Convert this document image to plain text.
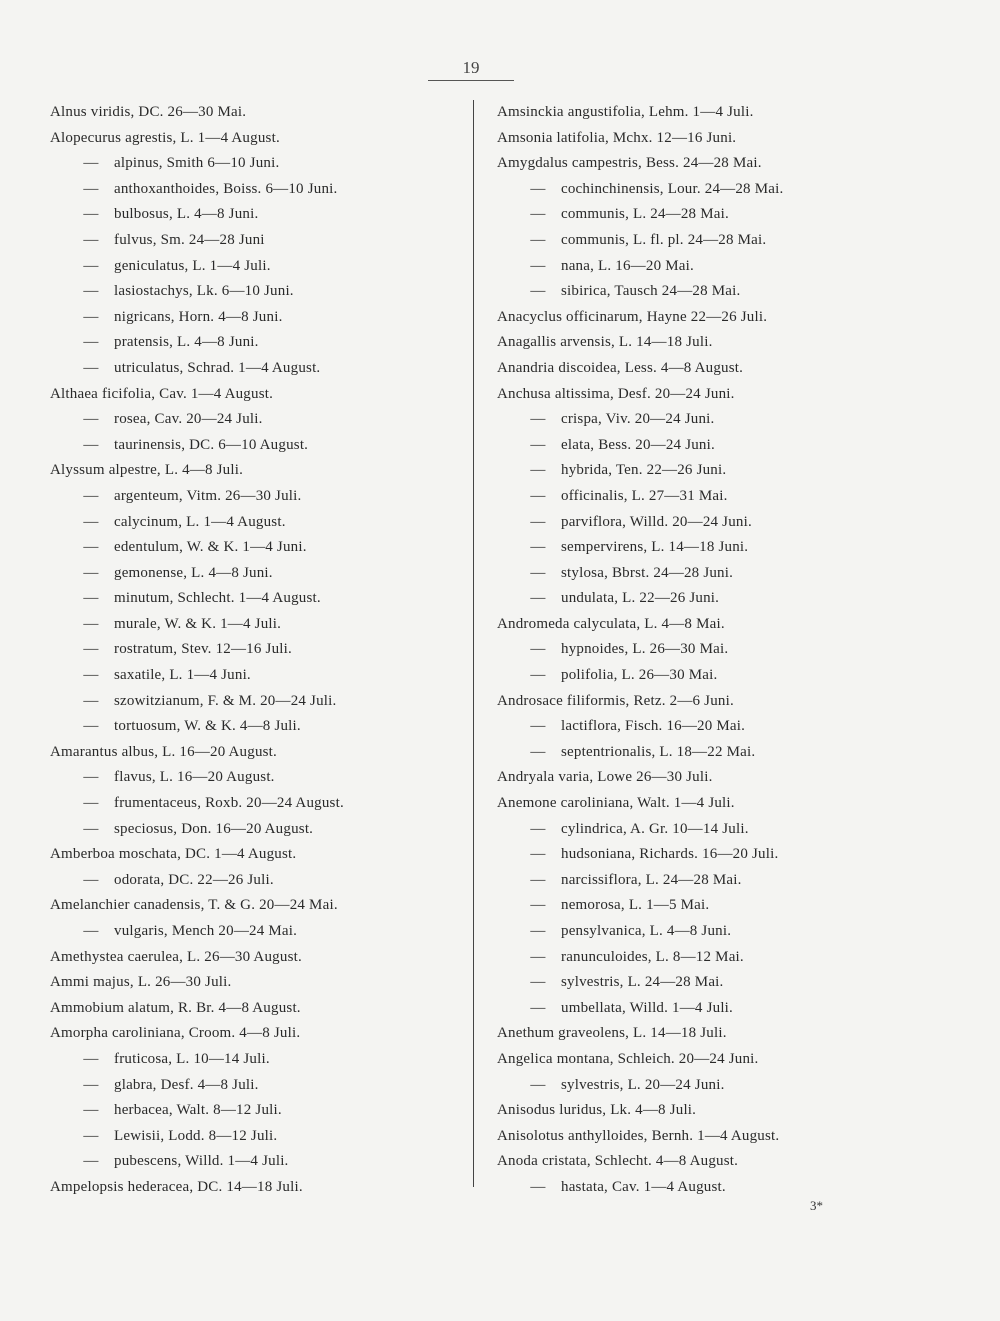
19
Alnus viridis, DC. 26—30 Mai.
Alopecurus agrestis, L. 1—4 August.
— alpinus, Smith 6—10 Juni.
— anthoxanthoides, Boiss. 6—10 Juni.
— bulbosus, L. 4—8 Juni.
— fulvus, Sm. 24—28 Juni
— geniculatus, L. 1—4 Juli.
— lasiostachys, Lk. 6—10 Juni.
— nigricans, Horn. 4—8 Juni.
— pratensis, L. 4—8 Juni.
— utriculatus, Schrad. 1—4 August.
Althaea ficifolia, Cav. 1—4 August.
— rosea, Cav. 20—24 Juli.
— taurinensis, DC. 6—10 August.
Alyssum alpestre, L. 4—8 Juli.
— argenteum, Vitm. 26—30 Juli.
— calycinum, L. 1—4 August.
— edentulum, W. & K. 1—4 Juni.
— gemonense, L. 4—8 Juni.
— minutum, Schlecht. 1—4 August.
— murale, W. & K. 1—4 Juli.
— rostratum, Stev. 12—16 Juli.
— saxatile, L. 1—4 Juni.
— szowitzianum, F. & M. 20—24 Juli.
— tortuosum, W. & K. 4—8 Juli.
Amarantus albus, L. 16—20 August.
— flavus, L. 16—20 August.
— frumentaceus, Roxb. 20—24 August.
— speciosus, Don. 16—20 August.
Amberboa moschata, DC. 1—4 August.
— odorata, DC. 22—26 Juli.
Amelanchier canadensis, T. & G. 20—24 Mai.
— vulgaris, Mench 20—24 Mai.
Amethystea caerulea, L. 26—30 August.
Ammi majus, L. 26—30 Juli.
Ammobium alatum, R. Br. 4—8 August.
Amorpha caroliniana, Croom. 4—8 Juli.
— fruticosa, L. 10—14 Juli.
— glabra, Desf. 4—8 Juli.
— herbacea, Walt. 8—12 Juli.
— Lewisii, Lodd. 8—12 Juli.
— pubescens, Willd. 1—4 Juli.
Ampelopsis hederacea, DC. 14—18 Juli.
Amsinckia angustifolia, Lehm. 1—4 Juli.
Amsonia latifolia, Mchx. 12—16 Juni.
Amygdalus campestris, Bess. 24—28 Mai.
— cochinchinensis, Lour. 24—28 Mai.
— communis, L. 24—28 Mai.
— communis, L. fl. pl. 24—28 Mai.
— nana, L. 16—20 Mai.
— sibirica, Tausch 24—28 Mai.
Anacyclus officinarum, Hayne 22—26 Juli.
Anagallis arvensis, L. 14—18 Juli.
Anandria discoidea, Less. 4—8 August.
Anchusa altissima, Desf. 20—24 Juni.
— crispa, Viv. 20—24 Juni.
— elata, Bess. 20—24 Juni.
— hybrida, Ten. 22—26 Juni.
— officinalis, L. 27—31 Mai.
— parviflora, Willd. 20—24 Juni.
— sempervirens, L. 14—18 Juni.
— stylosa, Bbrst. 24—28 Juni.
— undulata, L. 22—26 Juni.
Andromeda calyculata, L. 4—8 Mai.
— hypnoides, L. 26—30 Mai.
— polifolia, L. 26—30 Mai.
Androsace filiformis, Retz. 2—6 Juni.
— lactiflora, Fisch. 16—20 Mai.
— septentrionalis, L. 18—22 Mai.
Andryala varia, Lowe 26—30 Juli.
Anemone caroliniana, Walt. 1—4 Juli.
— cylindrica, A. Gr. 10—14 Juli.
— hudsoniana, Richards. 16—20 Juli.
— narcissiflora, L. 24—28 Mai.
— nemorosa, L. 1—5 Mai.
— pensylvanica, L. 4—8 Juni.
— ranunculoides, L. 8—12 Mai.
— sylvestris, L. 24—28 Mai.
— umbellata, Willd. 1—4 Juli.
Anethum graveolens, L. 14—18 Juli.
Angelica montana, Schleich. 20—24 Juni.
— sylvestris, L. 20—24 Juni.
Anisodus luridus, Lk. 4—8 Juli.
Anisolotus anthylloides, Bernh. 1—4 August.
Anoda cristata, Schlecht. 4—8 August.
— hastata, Cav. 1—4 August.
3*
